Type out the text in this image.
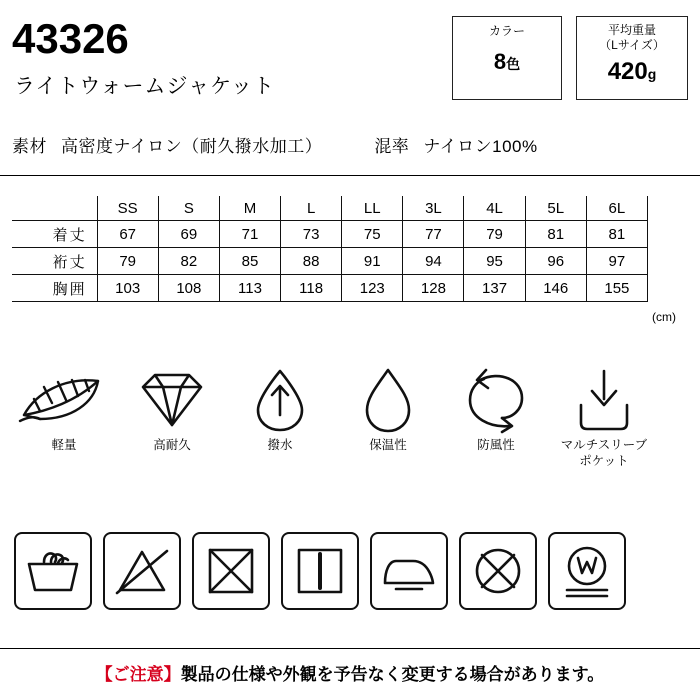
43326
ライトウォームジャケット
カラー
8色
平均重量
（Lサイズ）
420g
素材 高密度ナイロン（耐久撥水加工）	混率 ナイロン100%
	SS	S	M	L	LL	3L	4L	5L	6L
着丈	67	69	71	73	75	77	79	81	81
裄丈	79	82	85	88	91	94	95	96	97
胸囲	103	108	113	118	123	128	137	146	155
(cm)
軽量	高耐久	撥水	保温性	防風性	マルチスリーブ
ポケット
【ご注意】製品の仕様や外観を予告なく変更する場合があります。
